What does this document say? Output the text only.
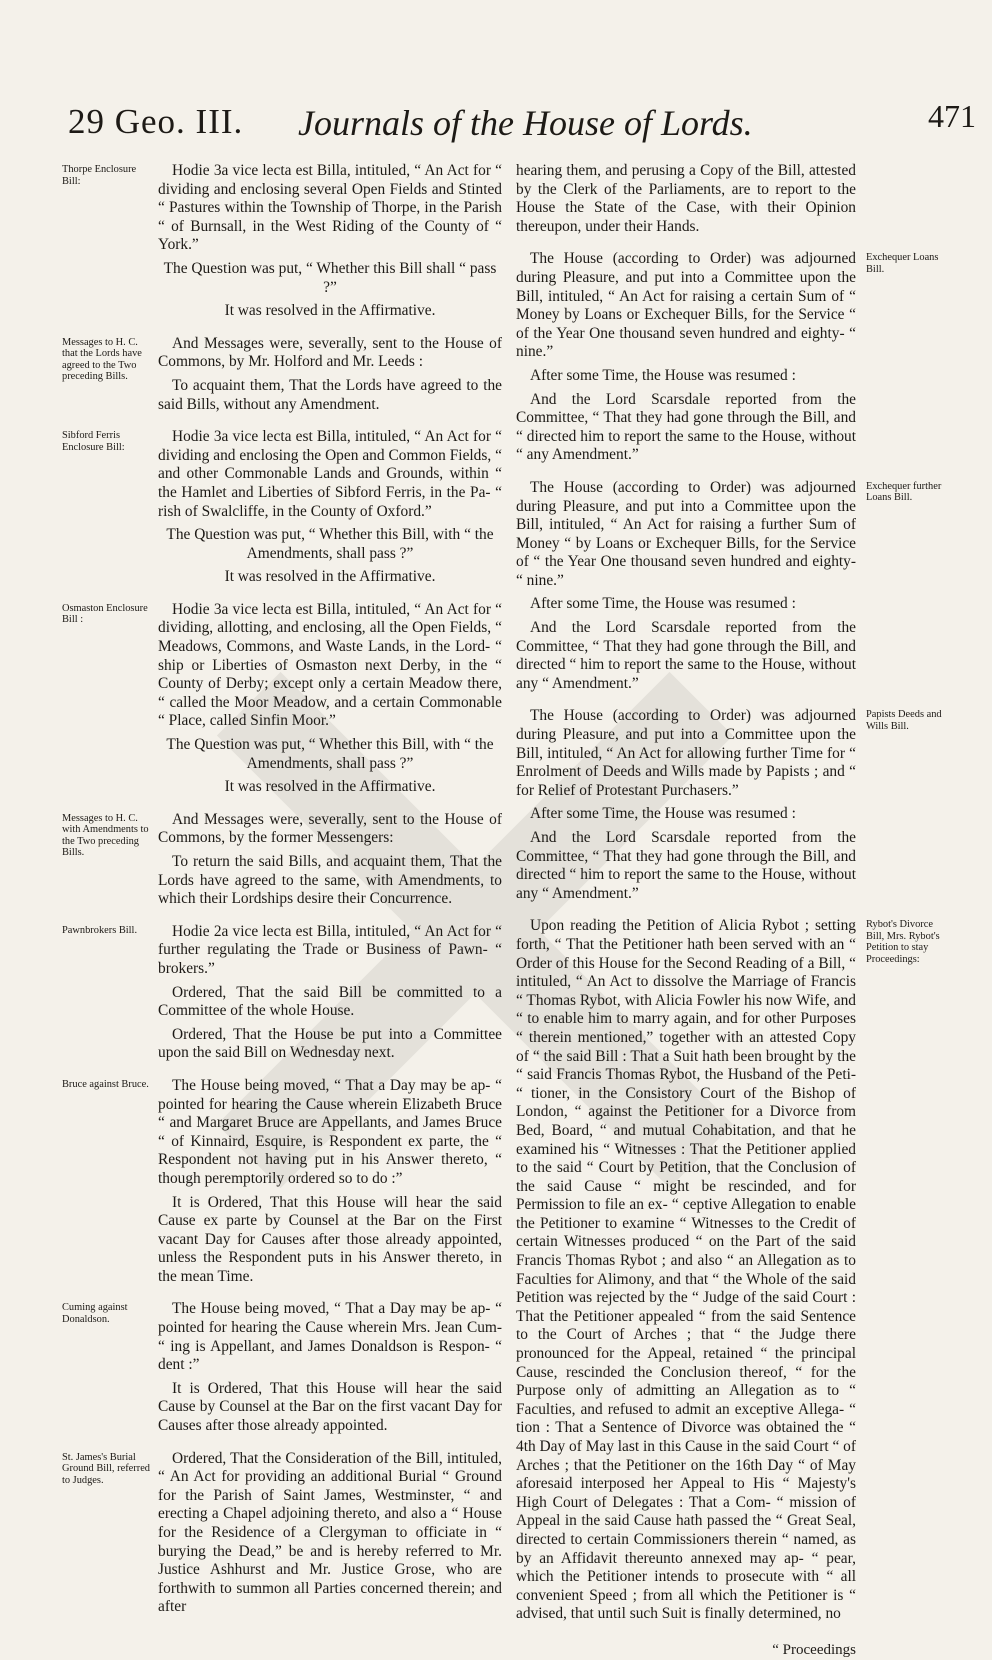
29 Geo. III. Journals of the House of Lords.	471
Thorpe Enclosure Bill:

Hodie 3a vice lecta est Billa, intituled, “ An Act for “ dividing and enclosing several Open Fields and Stinted “ Pastures within the Township of Thorpe, in the Parish “ of Burnsall, in the West Riding of the County of “ York.”

The Question was put, “ Whether this Bill shall “ pass ?”

It was resolved in the Affirmative.

Messages to H. C. that the Lords have agreed to the Two preceding Bills.

And Messages were, severally, sent to the House of Commons, by Mr. Holford and Mr. Leeds :

To acquaint them, That the Lords have agreed to the said Bills, without any Amendment.

Sibford Ferris Enclosure Bill:

Hodie 3a vice lecta est Billa, intituled, “ An Act for “ dividing and enclosing the Open and Common Fields, “ and other Commonable Lands and Grounds, within “ the Hamlet and Liberties of Sibford Ferris, in the Pa- “ rish of Swalcliffe, in the County of Oxford.”

The Question was put, “ Whether this Bill, with “ the Amendments, shall pass ?”

It was resolved in the Affirmative.

Osmaston Enclosure Bill :

Hodie 3a vice lecta est Billa, intituled, “ An Act for “ dividing, allotting, and enclosing, all the Open Fields, “ Meadows, Commons, and Waste Lands, in the Lord- “ ship or Liberties of Osmaston next Derby, in the “ County of Derby; except only a certain Meadow there, “ called the Moor Meadow, and a certain Commonable “ Place, called Sinfin Moor.”

The Question was put, “ Whether this Bill, with “ the Amendments, shall pass ?”

It was resolved in the Affirmative.

Messages to H. C. with Amendments to the Two preceding Bills.

And Messages were, severally, sent to the House of Commons, by the former Messengers:

To return the said Bills, and acquaint them, That the Lords have agreed to the same, with Amendments, to which their Lordships desire their Concurrence.

Pawnbrokers Bill.	Hodie 2a vice lecta est Billa, intituled, “ An Act for “ further regulating the Trade or Business of Pawn- “ brokers.”

Ordered, That the said Bill be committed to a Committee of the whole House.

Ordered, That the House be put into a Committee upon the said Bill on Wednesday next.

Bruce against Bruce.	The House being moved, “ That a Day may be ap- “ pointed for hearing the Cause wherein Elizabeth Bruce “ and Margaret Bruce are Appellants, and James Bruce “ of Kinnaird, Esquire, is Respondent ex parte, the “ Respondent not having put in his Answer thereto, “ though peremptorily ordered so to do :”

It is Ordered, That this House will hear the said Cause ex parte by Counsel at the Bar on the First vacant Day for Causes after those already appointed, unless the Respondent puts in his Answer thereto, in the mean Time.

Cuming against Donaldson.

The House being moved, “ That a Day may be ap- “ pointed for hearing the Cause wherein Mrs. Jean Cum- “ ing is Appellant, and James Donaldson is Respon- “ dent :”

It is Ordered, That this House will hear the said Cause by Counsel at the Bar on the first vacant Day for Causes after those already appointed.

St. James's Burial Ground Bill, referred to Judges.

Ordered, That the Consideration of the Bill, intituled, “ An Act for providing an additional Burial “ Ground for the Parish of Saint James, Westminster, “ and erecting a Chapel adjoining thereto, and also a “ House for the Residence of a Clergyman to officiate in “ burying the Dead,” be and is hereby referred to Mr. Justice Ashhurst and Mr. Justice Grose, who are forthwith to summon all Parties concerned therein; and after

hearing them, and perusing a Copy of the Bill, attested by the Clerk of the Parliaments, are to report to the House the State of the Case, with their Opinion thereupon, under their Hands.

Exchequer Loans Bill.

The House (according to Order) was adjourned during Pleasure, and put into a Committee upon the Bill, intituled, “ An Act for raising a certain Sum of “ Money by Loans or Exchequer Bills, for the Service “ of the Year One thousand seven hundred and eighty- “ nine.”

After some Time, the House was resumed :

And the Lord Scarsdale reported from the Committee, “ That they had gone through the Bill, and “ directed him to report the same to the House, without “ any Amendment.”

Exchequer further Loans Bill.

The House (according to Order) was adjourned during Pleasure, and put into a Committee upon the Bill, intituled, “ An Act for raising a further Sum of Money “ by Loans or Exchequer Bills, for the Service of “ the Year One thousand seven hundred and eighty- “ nine.”

After some Time, the House was resumed :

And the Lord Scarsdale reported from the Committee, “ That they had gone through the Bill, and directed “ him to report the same to the House, without any “ Amendment.”

Papists Deeds and Wills Bill.

The House (according to Order) was adjourned during Pleasure, and put into a Committee upon the Bill, intituled, “ An Act for allowing further Time for “ Enrolment of Deeds and Wills made by Papists ; and “ for Relief of Protestant Purchasers.”

After some Time, the House was resumed :

And the Lord Scarsdale reported from the Committee, “ That they had gone through the Bill, and directed “ him to report the same to the House, without any “ Amendment.”

Rybot's Divorce Bill, Mrs. Rybot's Petition to stay Proceedings:

Upon reading the Petition of Alicia Rybot ; setting forth, “ That the Petitioner hath been served with an “ Order of this House for the Second Reading of a Bill, “ intituled, “ An Act to dissolve the Marriage of Francis “ Thomas Rybot, with Alicia Fowler his now Wife, and “ to enable him to marry again, and for other Purposes “ therein mentioned,” together with an attested Copy of “ the said Bill : That a Suit hath been brought by the “ said Francis Thomas Rybot, the Husband of the Peti- “ tioner, in the Consistory Court of the Bishop of London, “ against the Petitioner for a Divorce from Bed, Board, “ and mutual Cohabitation, and that he examined his “ Witnesses : That the Petitioner applied to the said “ Court by Petition, that the Conclusion of the said Cause “ might be rescinded, and for Permission to file an ex- “ ceptive Allegation to enable the Petitioner to examine “ Witnesses to the Credit of certain Witnesses produced “ on the Part of the said Francis Thomas Rybot ; and also “ an Allegation as to Faculties for Alimony, and that “ the Whole of the said Petition was rejected by the “ Judge of the said Court : That the Petitioner appealed “ from the said Sentence to the Court of Arches ; that “ the Judge there pronounced for the Appeal, retained “ the principal Cause, rescinded the Conclusion thereof, “ for the Purpose only of admitting an Allegation as to “ Faculties, and refused to admit an exceptive Allega- “ tion : That a Sentence of Divorce was obtained the “ 4th Day of May last in this Cause in the said Court “ of Arches ; that the Petitioner on the 16th Day “ of May aforesaid interposed her Appeal to His “ Majesty's High Court of Delegates : That a Com- “ mission of Appeal in the said Cause hath passed the “ Great Seal, directed to certain Commissioners therein “ named, as by an Affidavit thereunto annexed may ap- “ pear, which the Petitioner intends to prosecute with “ all convenient Speed ; from all which the Petitioner is “ advised, that until such Suit is finally determined, no

“ Proceedings
